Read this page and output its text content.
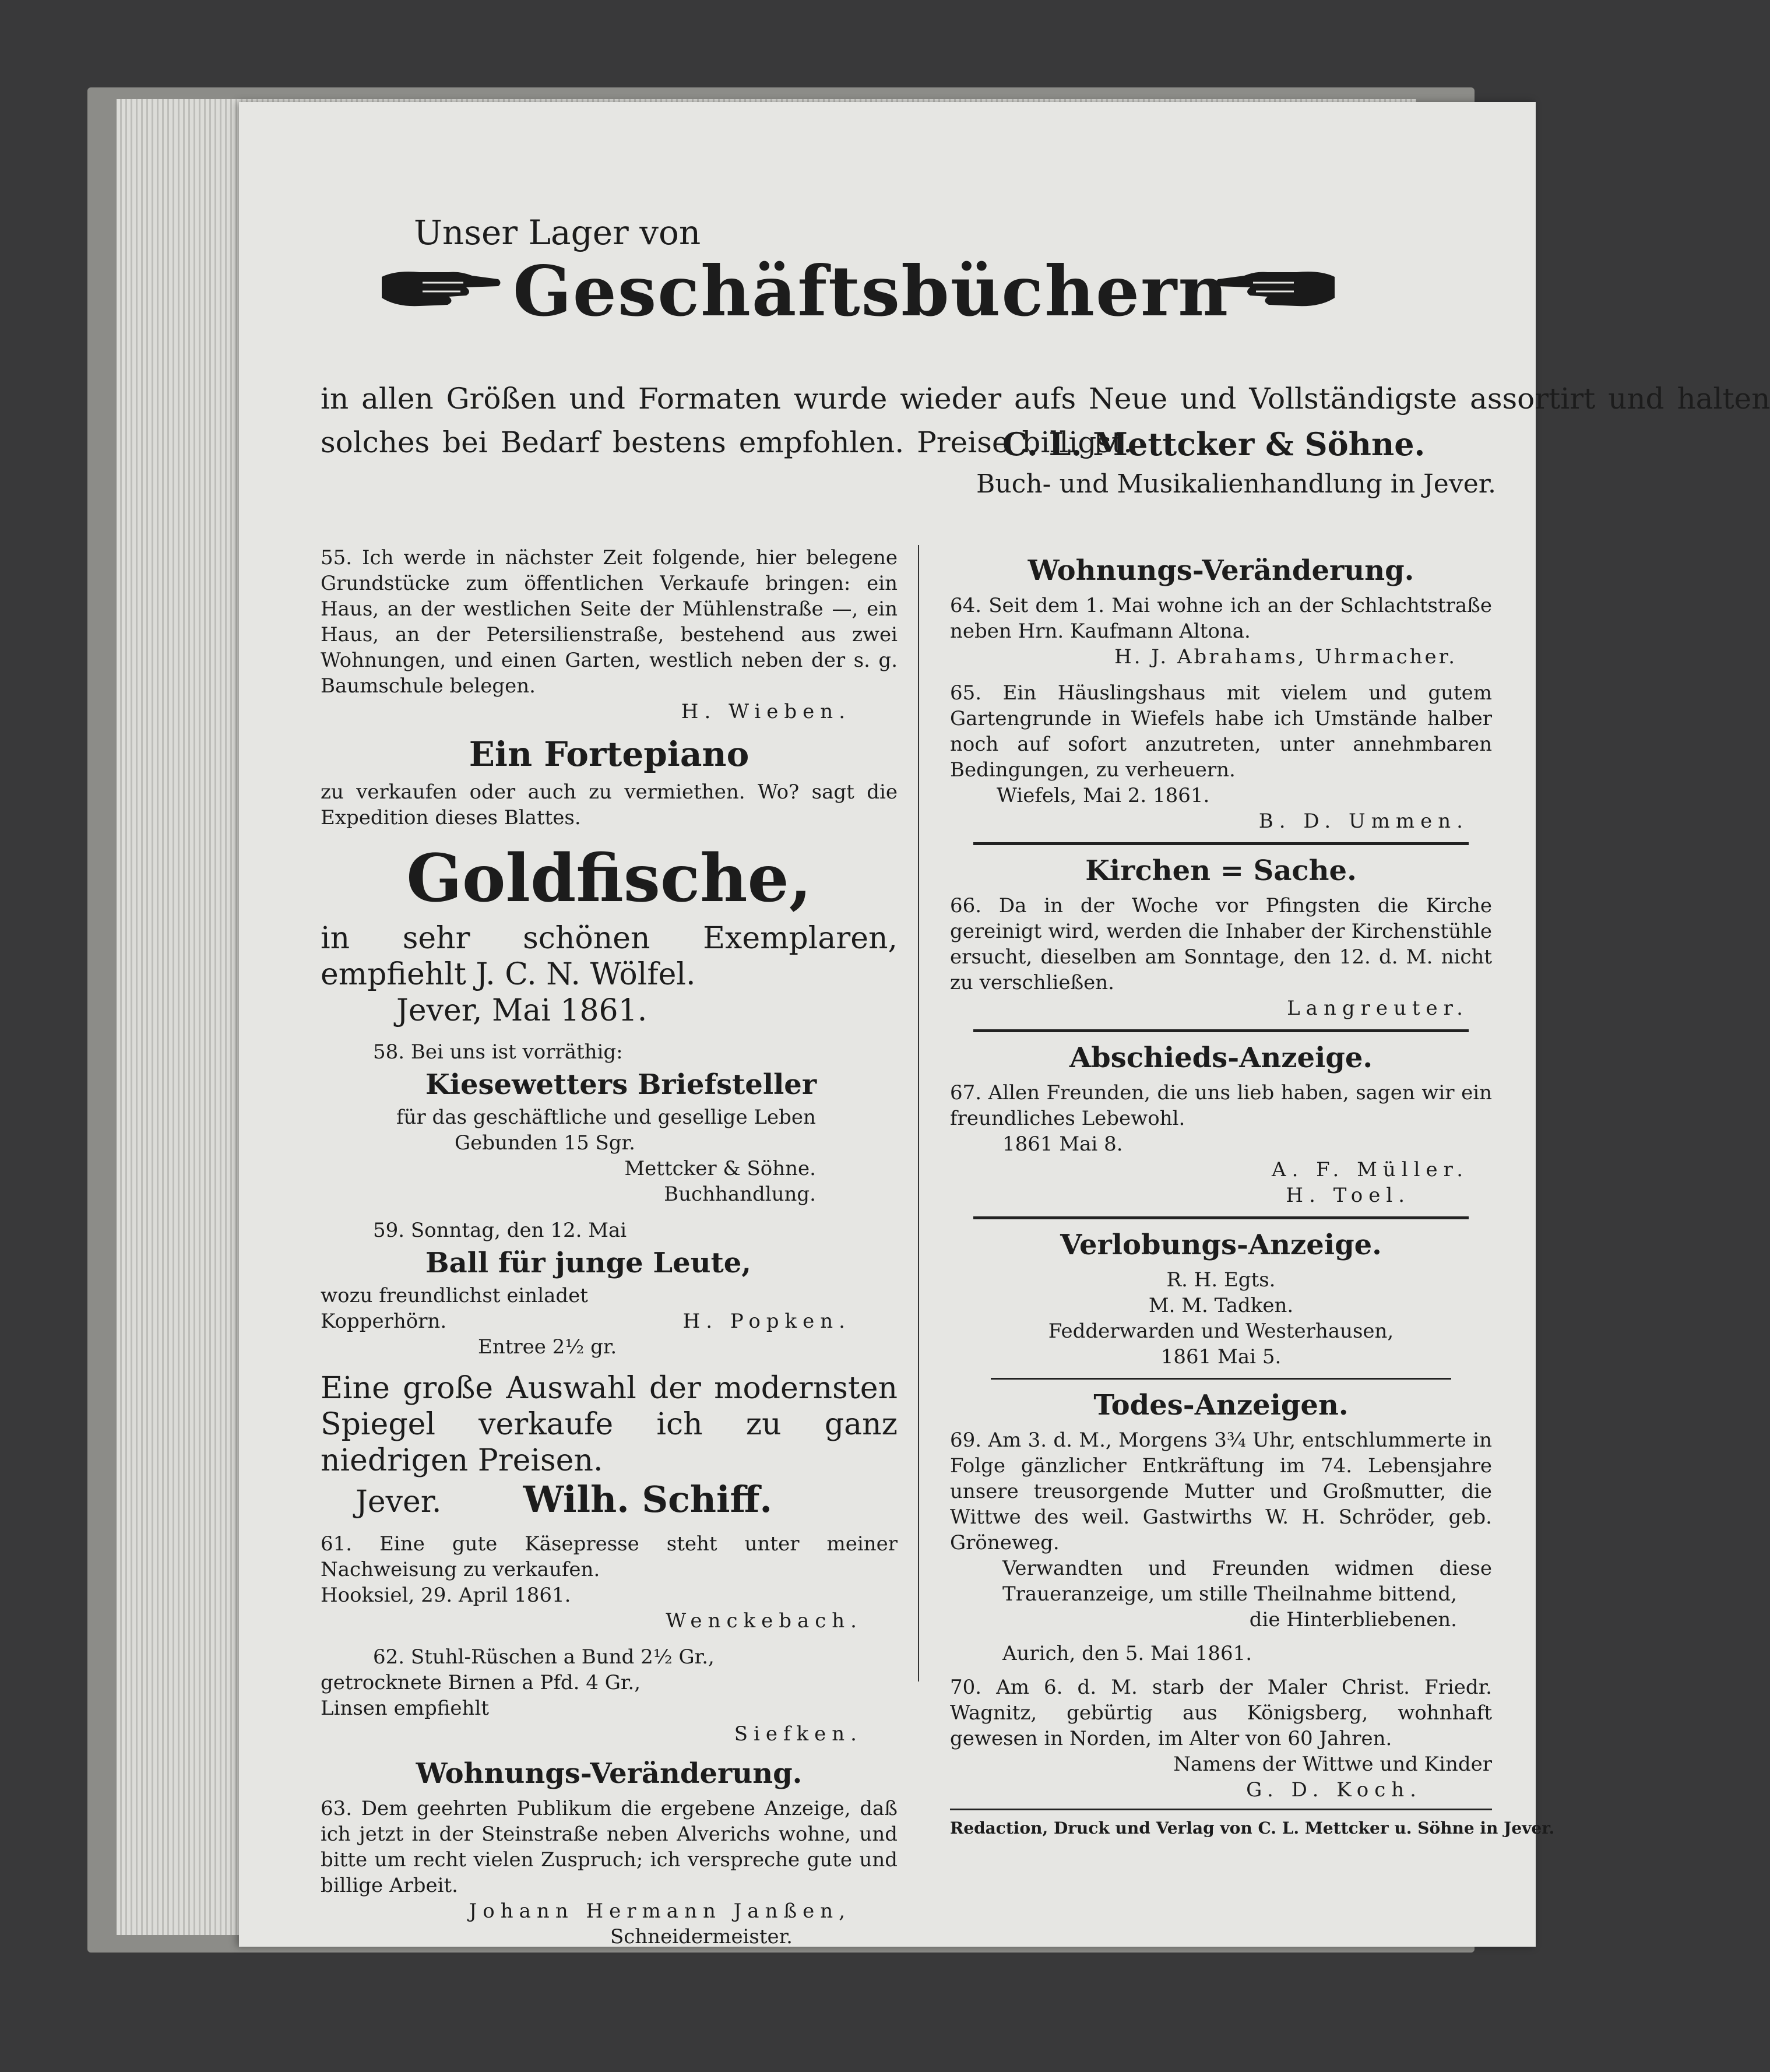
Unser Lager von
Geschäftsbüchern
in allen Größen und Formaten wurde wieder aufs Neue und Vollständigste assortirt und halten
solches bei Bedarf bestens empfohlen. Preise billigst.
C. L. Mettcker & Söhne.
Buch- und Musikalienhandlung in Jever.

55. Ich werde in nächster Zeit folgende, hier belegene Grundstücke zum öffentlichen Verkaufe bringen: ein Haus, an der westlichen Seite der Mühlenstraße —, ein Haus, an der Petersilienstraße, bestehend aus zwei Wohnungen, und einen Garten, westlich neben der s. g. Baumschule belegen.

H. Wieben.

Ein Fortepiano

zu verkaufen oder auch zu vermiethen. Wo? sagt die Expedition dieses Blattes.

Goldfische,

in sehr schönen Exemplaren, empfiehlt J. C. N. Wölfel.

Jever, Mai 1861.

58. Bei uns ist vorräthig:

Kiesewetters Briefsteller

für das geschäftliche und gesellige Leben

Gebunden 15 Sgr.

Mettcker & Söhne.

Buchhandlung.

59. Sonntag, den 12. Mai

Ball für junge Leute,

wozu freundlichst einladet

Kopperhörn.	H. Popken.

Entree 2½ gr.

Eine große Auswahl der modernsten Spiegel verkaufe ich zu ganz niedrigen Preisen.

Jever. Wilh. Schiff.

61. Eine gute Käsepresse steht unter meiner Nachweisung zu verkaufen.

Hooksiel, 29. April 1861.

Wenckebach.

62. Stuhl-Rüschen a Bund 2½ Gr.,

getrocknete Birnen a Pfd. 4 Gr.,

Linsen empfiehlt

Siefken.

Wohnungs-Veränderung.

63. Dem geehrten Publikum die ergebene Anzeige, daß ich jetzt in der Steinstraße neben Alverichs wohne, und bitte um recht vielen Zuspruch; ich verspreche gute und billige Arbeit.

Johann Hermann Janßen,

Schneidermeister.

Wohnungs-Veränderung.

64. Seit dem 1. Mai wohne ich an der Schlachtstraße neben Hrn. Kaufmann Altona.

H. J. Abrahams, Uhrmacher.

65. Ein Häuslingshaus mit vielem und gutem Gartengrunde in Wiefels habe ich Umstände halber noch auf sofort anzutreten, unter annehmbaren Bedingungen, zu verheuern.

Wiefels, Mai 2. 1861.

B. D. Ummen.

Kirchen = Sache.

66. Da in der Woche vor Pfingsten die Kirche gereinigt wird, werden die Inhaber der Kirchenstühle ersucht, dieselben am Sonntage, den 12. d. M. nicht zu verschließen.

Langreuter.

Abschieds-Anzeige.

67. Allen Freunden, die uns lieb haben, sagen wir ein freundliches Lebewohl.

1861 Mai 8.

A. F. Müller.

H. Toel.

Verlobungs-Anzeige.

R. H. Egts.

M. M. Tadken.

Fedderwarden und Westerhausen,

1861 Mai 5.

Todes-Anzeigen.

69. Am 3. d. M., Morgens 3¾ Uhr, entschlummerte in Folge gänzlicher Entkräftung im 74. Lebensjahre unsere treusorgende Mutter und Großmutter, die Wittwe des weil. Gastwirths W. H. Schröder, geb. Gröneweg.

Verwandten und Freunden widmen diese Traueranzeige, um stille Theilnahme bittend,

die Hinterbliebenen.

Aurich, den 5. Mai 1861.

70. Am 6. d. M. starb der Maler Christ. Friedr. Wagnitz, gebürtig aus Königsberg, wohnhaft gewesen in Norden, im Alter von 60 Jahren.

Namens der Wittwe und Kinder

G. D. Koch.

Redaction, Druck und Verlag von C. L. Mettcker u. Söhne in Jever.
